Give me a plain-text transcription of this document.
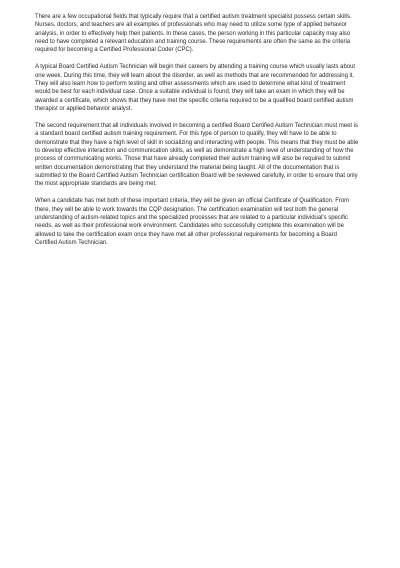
There are a few occupational fields that typically require that a certified autism treatment specialist possess certain skills. Nurses, doctors, and teachers are all examples of professionals who may need to utilize some type of applied behavior analysis, in order to effectively help their patients. In these cases, the person working in this particular capacity may also need to have completed a relevant education and training course. These requirements are often the same as the criteria required for becoming a Certified Professional Coder (CPC).

A typical Board Certified Autism Technician will begin their careers by attending a training course which usually lasts about one week. During this time, they will learn about the disorder, as well as methods that are recommended for addressing it. They will also learn how to perform testing and other assessments which are used to determine what kind of treatment would be best for each individual case. Once a suitable individual is found, they will take an exam in which they will be awarded a certificate, which shows that they have met the specific criteria required to be a qualified board certified autism therapist or applied behavior analyst.

The second requirement that all individuals involved in becoming a certified Board Certified Autism Technician must meet is a standard board certified autism training requirement. For this type of person to qualify, they will have to be able to demonstrate that they have a high level of skill in socializing and interacting with people. This means that they must be able to develop effective interaction and communication skills, as well as demonstrate a high level of understanding of how the process of communicating works. Those that have already completed their autism training will also be required to submit written documentation demonstrating that they understand the material being taught. All of the documentation that is submitted to the Board Certified Autism Technician certification Board will be reviewed carefully, in order to ensure that only the most appropriate standards are being met.

When a candidate has met both of these important criteria, they will be given an official Certificate of Qualification. From there, they will be able to work towards the CQP designation. The certification examination will test both the general understanding of autism-related topics and the specialized processes that are related to a particular individual's specific needs, as well as their professional work environment. Candidates who successfully complete this examination will be allowed to take the certification exam once they have met all other professional requirements for becoming a Board Certified Autism Technician.
